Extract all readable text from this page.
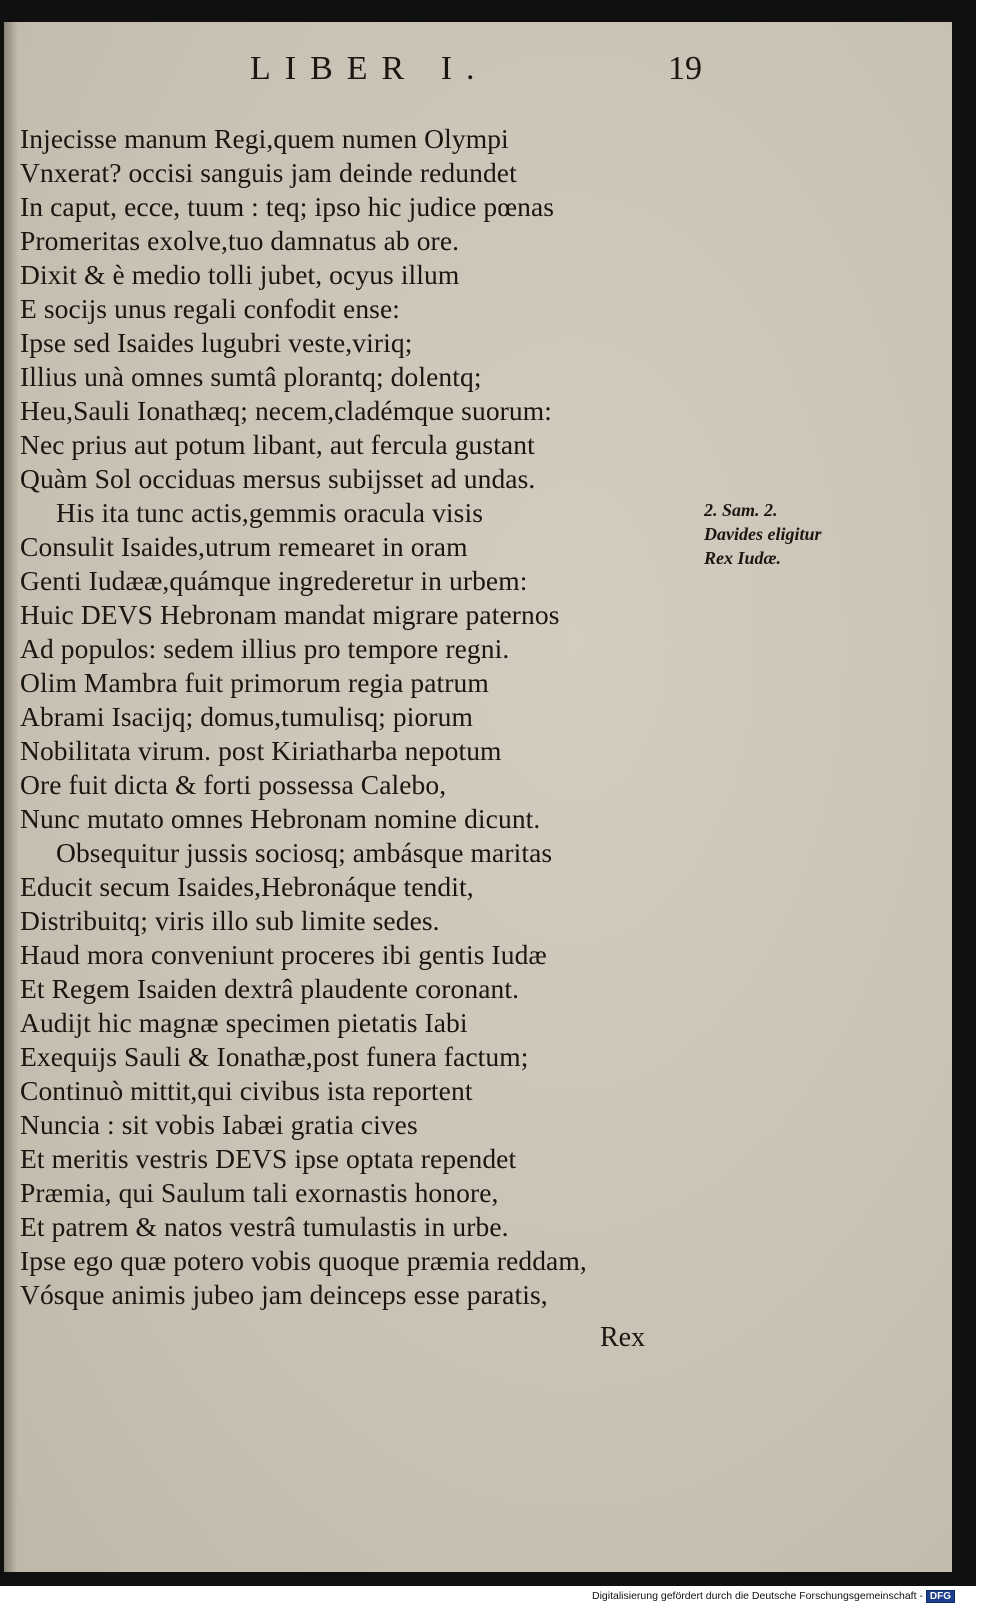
LIBER I.	19
Injecisse manum Regi,quem numen Olympi
Vnxerat? occisi sanguis jam deinde redundet
In caput, ecce, tuum : teq; ipso hic judice pœnas
Promeritas exolve,tuo damnatus ab ore.
Dixit & è medio tolli jubet, ocyus illum
E socijs unus regali confodit ense:
Ipse sed Isaides lugubri veste,viriq;
Illius unà omnes sumtâ plorantq; dolentq;
Heu,Sauli Ionathæq; necem,cladémque suorum:
Nec prius aut potum libant, aut fercula gustant
Quàm Sol occiduas mersus subijsset ad undas.
His ita tunc actis,gemmis oracula visis
Consulit Isaides,utrum remearet in oram
Genti Iudææ,quámque ingrederetur in urbem:
Huic DEVS Hebronam mandat migrare paternos
Ad populos: sedem illius pro tempore regni.
Olim Mambra fuit primorum regia patrum
Abrami Isacijq; domus,tumulisq; piorum
Nobilitata virum. post Kiriatharba nepotum
Ore fuit dicta & forti possessa Calebo,
Nunc mutato omnes Hebronam nomine dicunt.
Obsequitur jussis sociosq; ambásque maritas
Educit secum Isaides,Hebronáque tendit,
Distribuitq; viris illo sub limite sedes.
Haud mora conveniunt proceres ibi gentis Iudæ
Et Regem Isaiden dextrâ plaudente coronant.
Audijt hic magnæ specimen pietatis Iabi
Exequijs Sauli & Ionathæ,post funera factum;
Continuò mittit,qui civibus ista reportent
Nuncia : sit vobis Iabæi gratia cives
Et meritis vestris DEVS ipse optata rependet
Præmia, qui Saulum tali exornastis honore,
Et patrem & natos vestrâ tumulastis in urbe.
Ipse ego quæ potero vobis quoque præmia reddam,
Vósque animis jubeo jam deinceps esse paratis,
2. Sam. 2.
Davides eligitur
Rex Iudæ.
Rex
Digitalisierung gefördert durch die Deutsche Forschungsgemeinschaft - DFG
